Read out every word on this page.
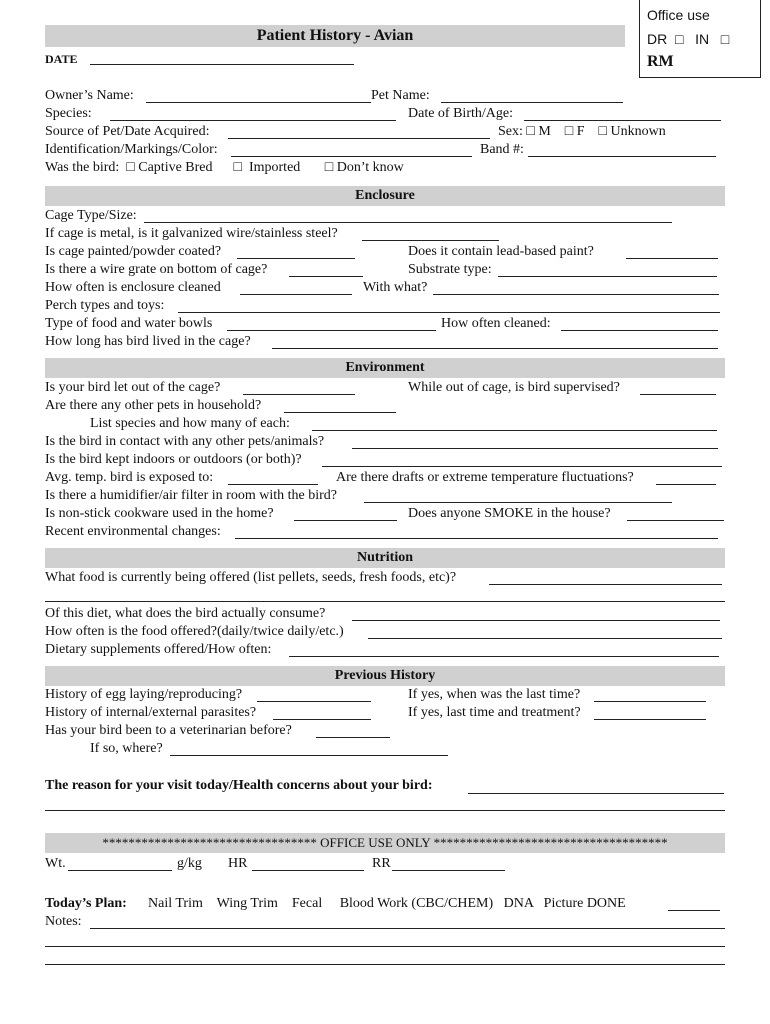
Office use
DR  □   IN   □
RM
Patient History - Avian
DATE
Owner’s Name:	Pet Name:
Species:	Date of Birth/Age:
Source of Pet/Date Acquired:	Sex: □ M    □ F    □ Unknown
Identification/Markings/Color:	Band #:
Was the bird:  □ Captive Bred      □  Imported       □ Don’t know
Enclosure
Cage Type/Size:
If cage is metal, is it galvanized wire/stainless steel?
Is cage painted/powder coated?	Does it contain lead-based paint?
Is there a wire grate on bottom of cage?	Substrate type:
How often is enclosure cleaned	With what?
Perch types and toys:
Type of food and water bowls	How often cleaned:
How long has bird lived in the cage?
Environment
Is your bird let out of the cage?	While out of cage, is bird supervised?
Are there any other pets in household?
List species and how many of each:
Is the bird in contact with any other pets/animals?
Is the bird kept indoors or outdoors (or both)?
Avg. temp. bird is exposed to:	Are there drafts or extreme temperature fluctuations?
Is there a humidifier/air filter in room with the bird?
Is non-stick cookware used in the home?	Does anyone SMOKE in the house?
Recent environmental changes:
Nutrition
What food is currently being offered (list pellets, seeds, fresh foods, etc)?
Of this diet, what does the bird actually consume?
How often is the food offered?(daily/twice daily/etc.)
Dietary supplements offered/How often:
Previous History
History of egg laying/reproducing?	If yes, when was the last time?
History of internal/external parasites?	If yes, last time and treatment?
Has your bird been to a veterinarian before?
If so, where?
The reason for your visit today/Health concerns about your bird:
********************************* OFFICE USE ONLY ************************************
Wt.	g/kg HR	RR
Today’s Plan: Nail Trim    Wing Trim    Fecal     Blood Work (CBC/CHEM)   DNA   Picture DONE
Notes:
